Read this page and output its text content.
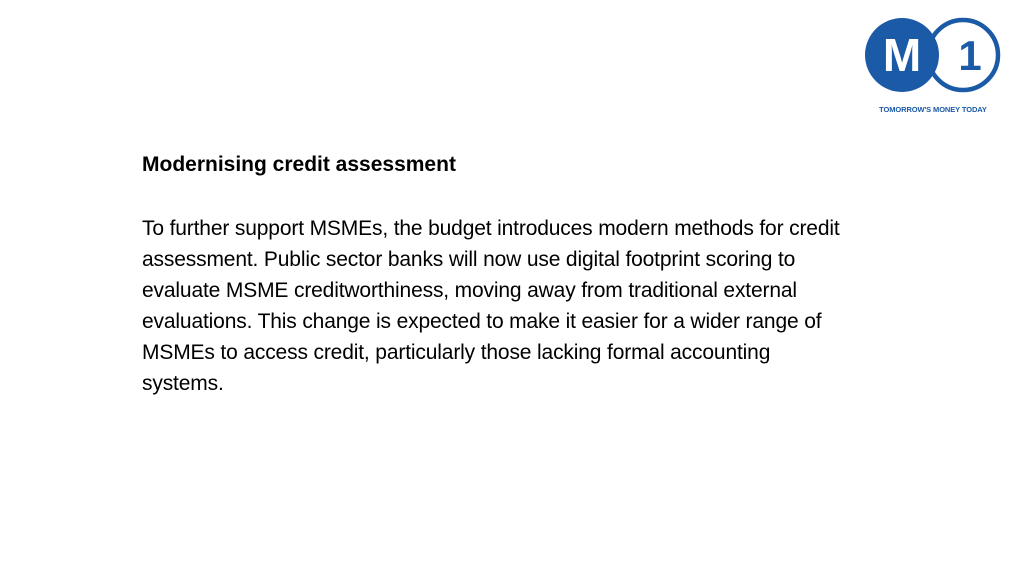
M 1
TOMORROW'S MONEY TODAY
Modernising credit assessment

To further support MSMEs, the budget introduces modern methods for credit assessment. Public sector banks will now use digital footprint scoring to evaluate MSME creditworthiness, moving away from traditional external evaluations. This change is expected to make it easier for a wider range of MSMEs to access credit, particularly those lacking formal accounting systems.
